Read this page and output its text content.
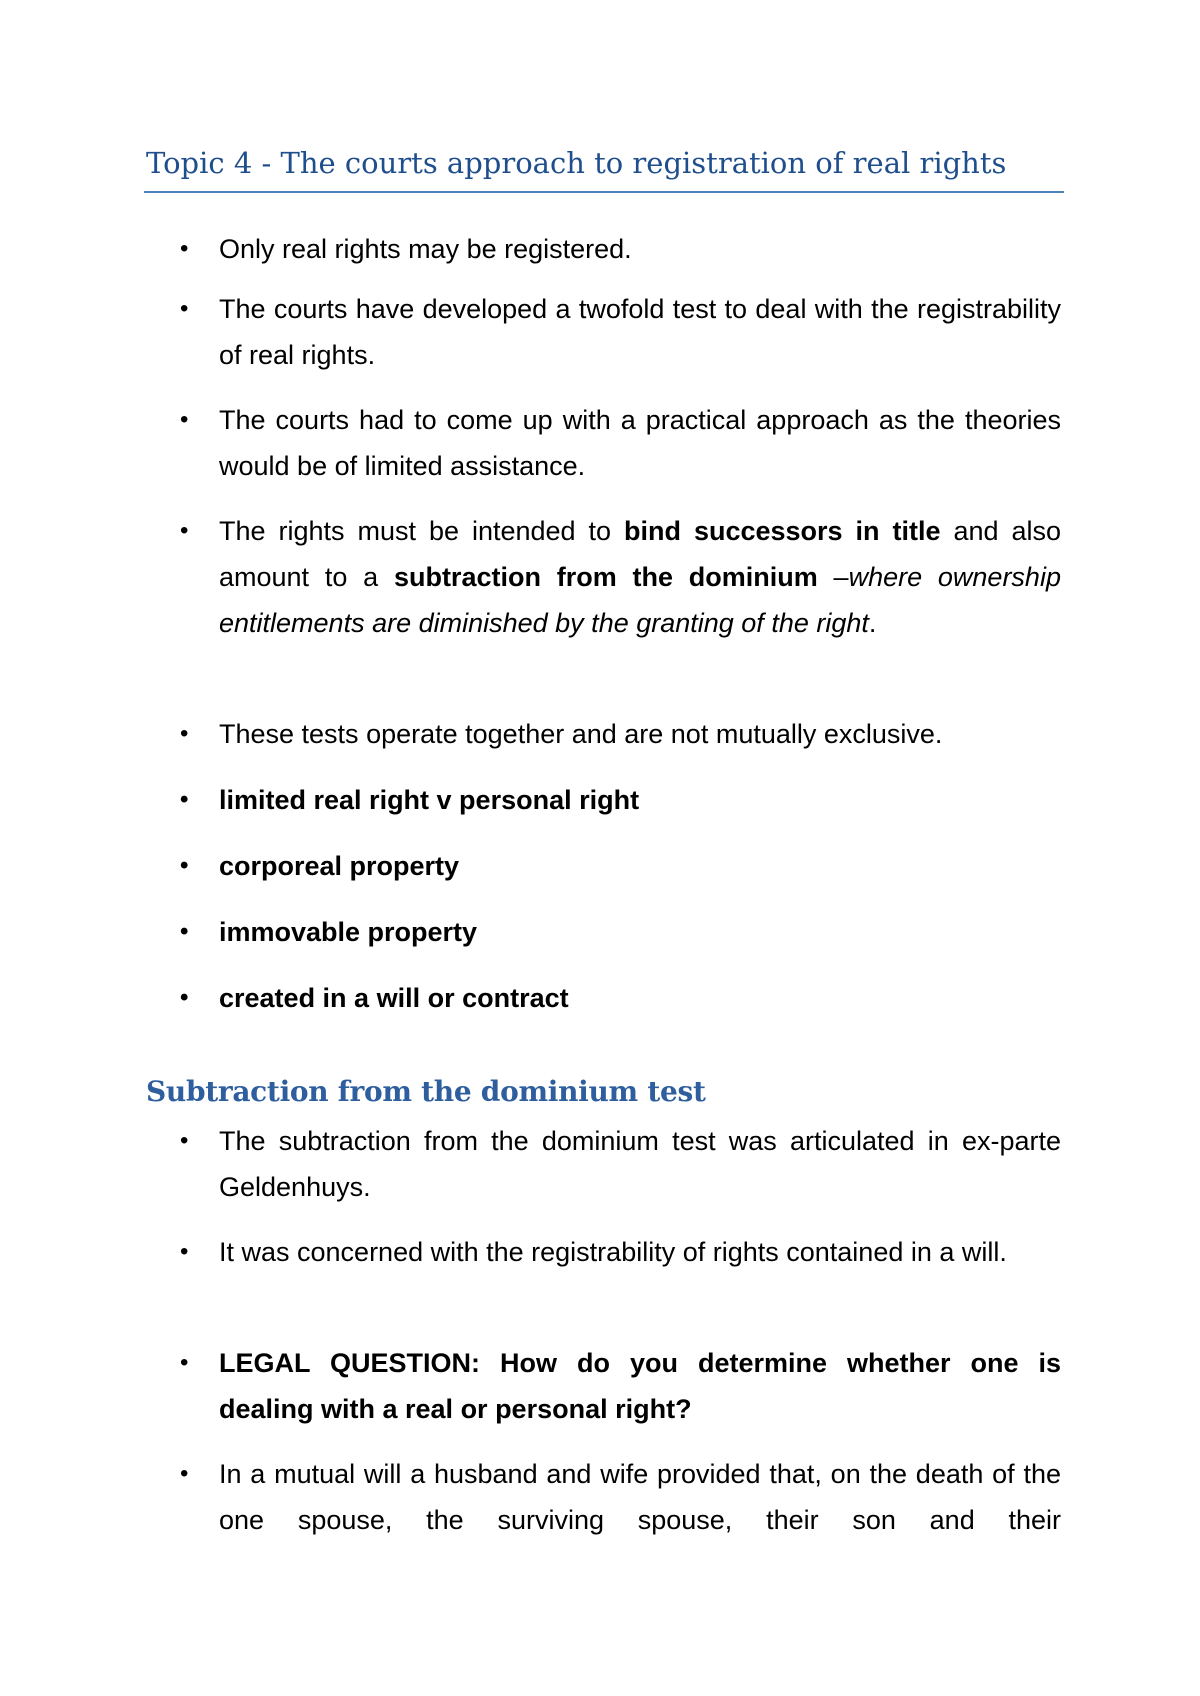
Topic 4 - The courts approach to registration of real rights
•	Only real rights may be registered.
•	The courts have developed a twofold test to deal with the registrability of real rights.
•	The courts had to come up with a practical approach as the theories would be of limited assistance.
•	The rights must be intended to bind successors in title and also amount to a subtraction from the dominium –where ownership entitlements are diminished by the granting of the right.
•	These tests operate together and are not mutually exclusive.
•	limited real right v personal right
•	corporeal property
•	immovable property
•	created in a will or contract
Subtraction from the dominium test
•	The subtraction from the dominium test was articulated in ex-parte Geldenhuys.
•	It was concerned with the registrability of rights contained in a will.
•	LEGAL QUESTION: How do you determine whether one is dealing with a real or personal right?
•	In a mutual will a husband and wife provided that, on the death of the one spouse, the surviving spouse, their son and their
